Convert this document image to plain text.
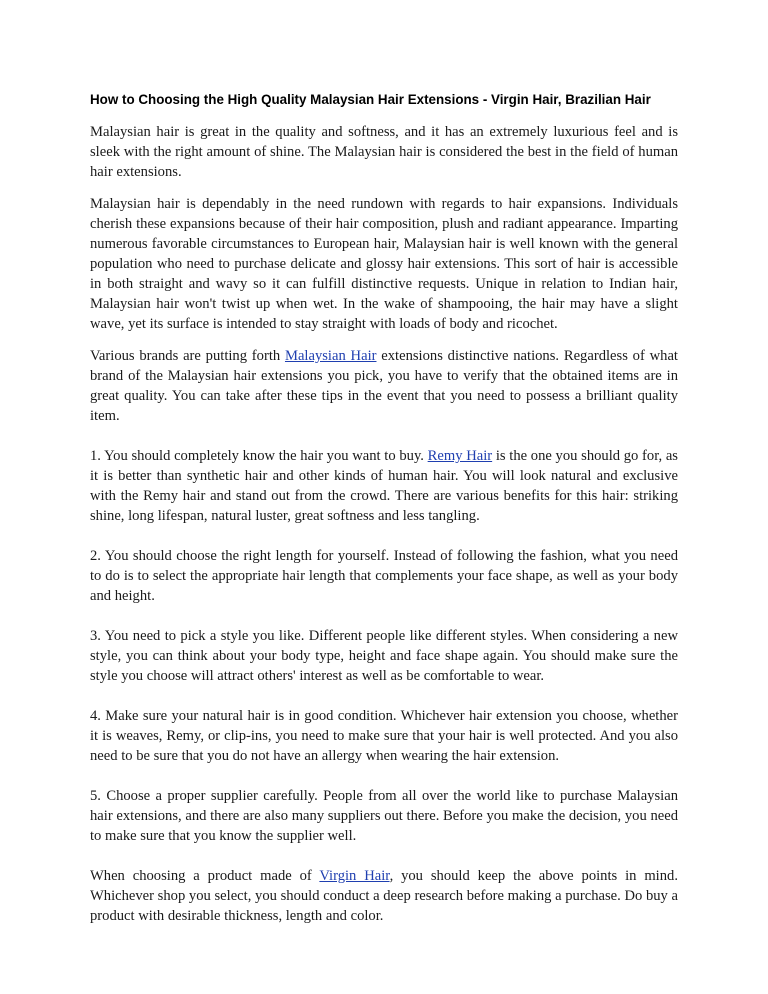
How to Choosing the High Quality Malaysian Hair Extensions - Virgin Hair, Brazilian Hair

Malaysian hair is great in the quality and softness, and it has an extremely luxurious feel and is sleek with the right amount of shine. The Malaysian hair is considered the best in the field of human hair extensions.

Malaysian hair is dependably in the need rundown with regards to hair expansions. Individuals cherish these expansions because of their hair composition, plush and radiant appearance. Imparting numerous favorable circumstances to European hair, Malaysian hair is well known with the general population who need to purchase delicate and glossy hair extensions. This sort of hair is accessible in both straight and wavy so it can fulfill distinctive requests. Unique in relation to Indian hair, Malaysian hair won't twist up when wet. In the wake of shampooing, the hair may have a slight wave, yet its surface is intended to stay straight with loads of body and ricochet.

Various brands are putting forth Malaysian Hair extensions distinctive nations. Regardless of what brand of the Malaysian hair extensions you pick, you have to verify that the obtained items are in great quality. You can take after these tips in the event that you need to possess a brilliant quality item.

1. You should completely know the hair you want to buy. Remy Hair is the one you should go for, as it is better than synthetic hair and other kinds of human hair. You will look natural and exclusive with the Remy hair and stand out from the crowd. There are various benefits for this hair: striking shine, long lifespan, natural luster, great softness and less tangling.

2. You should choose the right length for yourself. Instead of following the fashion, what you need to do is to select the appropriate hair length that complements your face shape, as well as your body and height.

3. You need to pick a style you like. Different people like different styles. When considering a new style, you can think about your body type, height and face shape again. You should make sure the style you choose will attract others' interest as well as be comfortable to wear.

4. Make sure your natural hair is in good condition. Whichever hair extension you choose, whether it is weaves, Remy, or clip-ins, you need to make sure that your hair is well protected. And you also need to be sure that you do not have an allergy when wearing the hair extension.

5. Choose a proper supplier carefully. People from all over the world like to purchase Malaysian hair extensions, and there are also many suppliers out there. Before you make the decision, you need to make sure that you know the supplier well.

When choosing a product made of Virgin Hair, you should keep the above points in mind. Whichever shop you select, you should conduct a deep research before making a purchase. Do buy a product with desirable thickness, length and color.
